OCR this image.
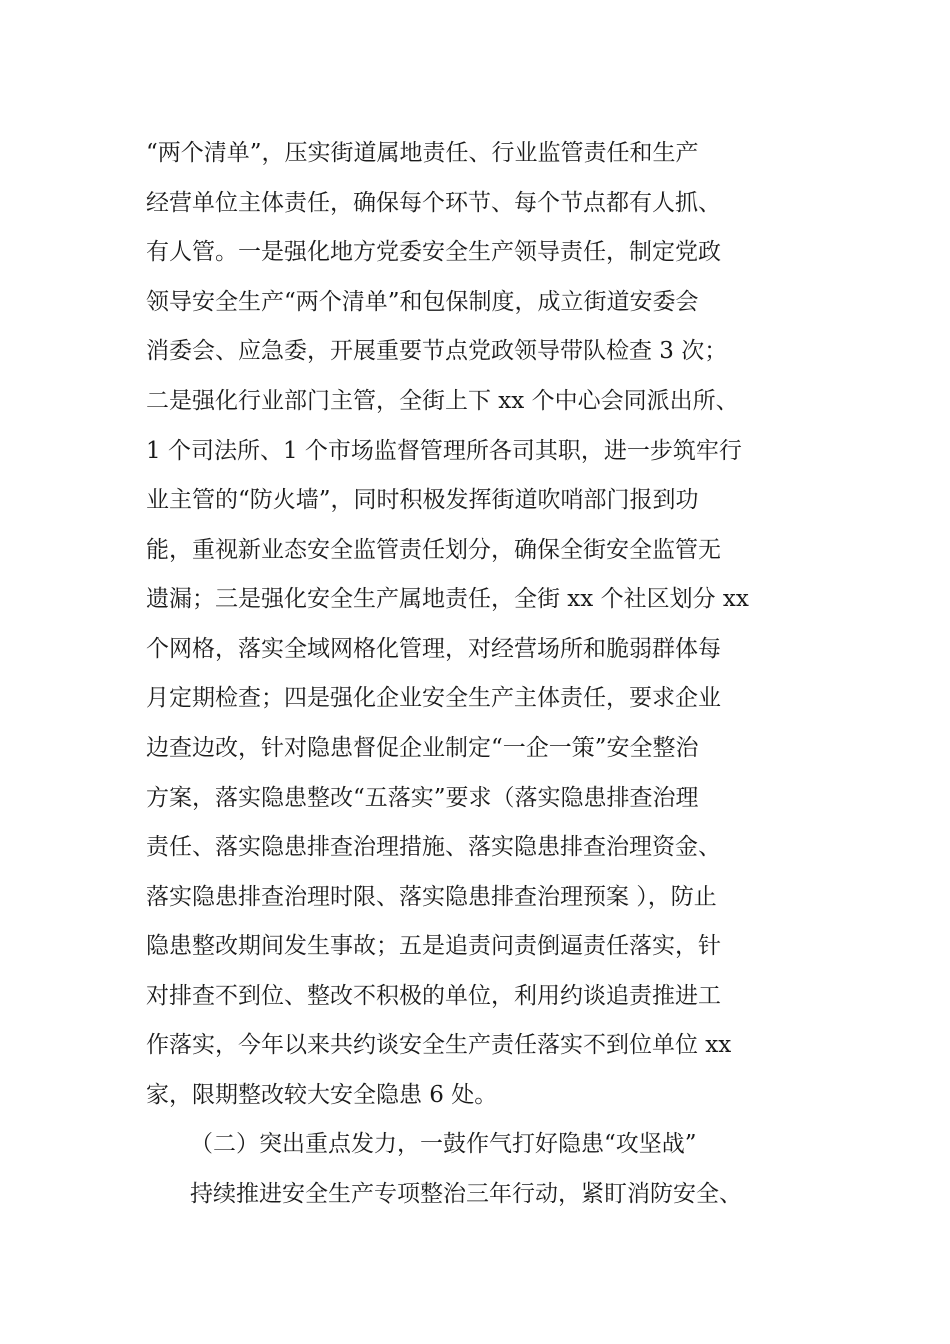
“两个清单”，压实街道属地责任、行业监管责任和生产
经营单位主体责任，确保每个环节、每个节点都有人抓、
有人管。一是强化地方党委安全生产领导责任，制定党政
领导安全生产“两个清单”和包保制度，成立街道安委会
消委会、应急委，开展重要节点党政领导带队检查 3 次；
二是强化行业部门主管，全街上下 xx 个中心会同派出所、
1 个司法所、1 个市场监督管理所各司其职，进一步筑牢行
业主管的“防火墙”，同时积极发挥街道吹哨部门报到功
能，重视新业态安全监管责任划分，确保全街安全监管无
遗漏；三是强化安全生产属地责任，全街 xx 个社区划分 xx
个网格，落实全域网格化管理，对经营场所和脆弱群体每
月定期检查；四是强化企业安全生产主体责任，要求企业
边查边改，针对隐患督促企业制定“一企一策”安全整治
方案，落实隐患整改“五落实”要求（落实隐患排查治理
责任、落实隐患排查治理措施、落实隐患排查治理资金、
落实隐患排查治理时限、落实隐患排查治理预案 ），防止
隐患整改期间发生事故；五是追责问责倒逼责任落实，针
对排查不到位、整改不积极的单位，利用约谈追责推进工
作落实，今年以来共约谈安全生产责任落实不到位单位 xx
家，限期整改较大安全隐患 6 处。
（二）突出重点发力，一鼓作气打好隐患“攻坚战”
持续推进安全生产专项整治三年行动，紧盯消防安全、
